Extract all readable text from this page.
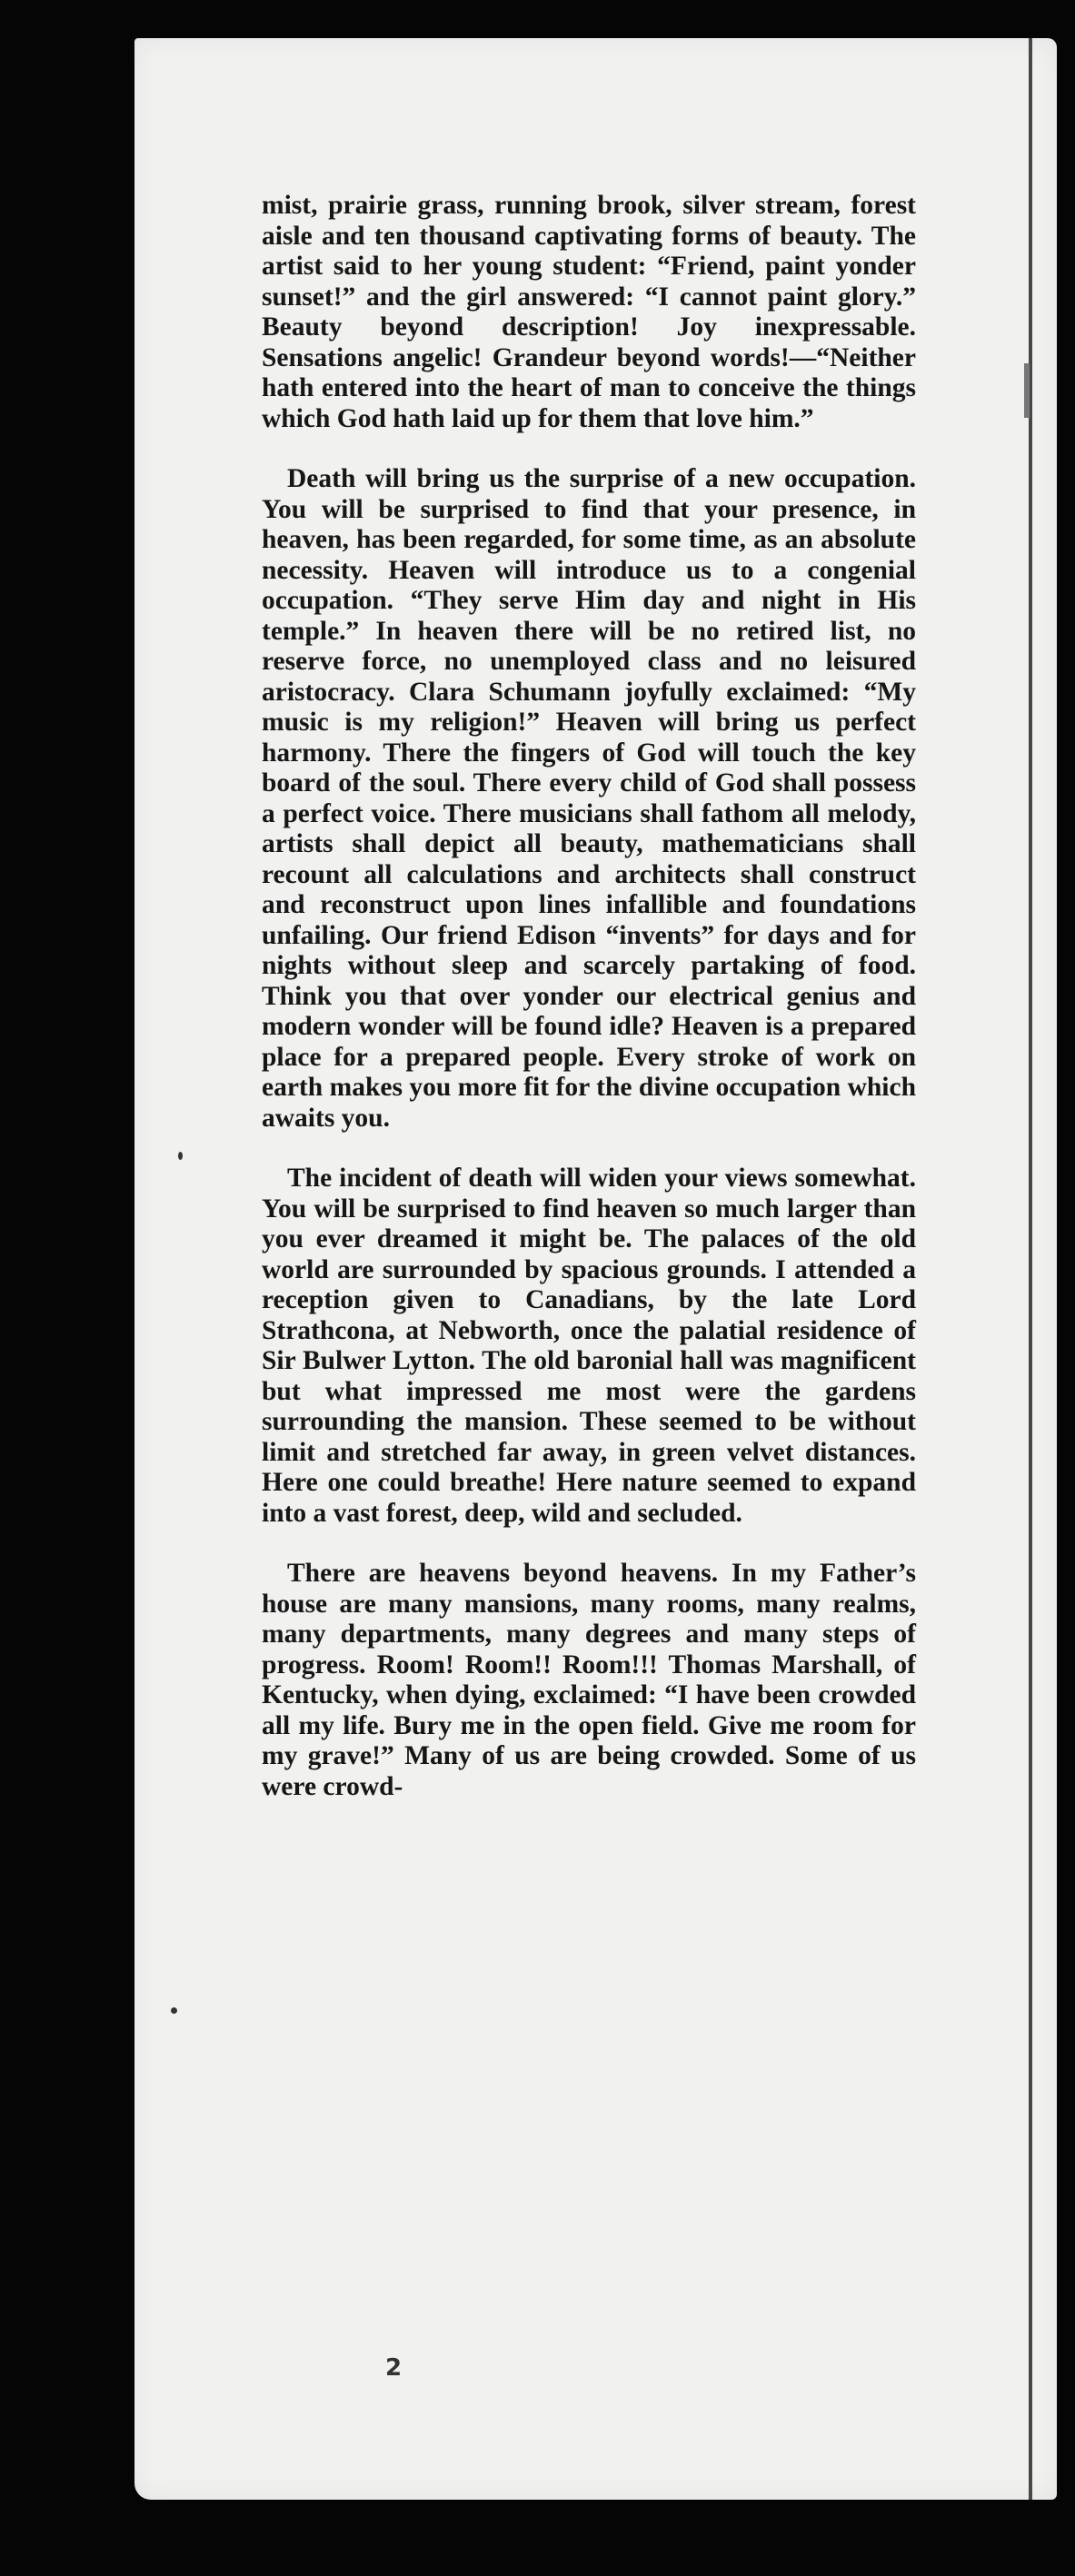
mist, prairie grass, running brook, silver stream, forest aisle and ten thousand captivating forms of beauty. The artist said to her young student: “Friend, paint yonder sunset!” and the girl answered: “I cannot paint glory.” Beauty beyond description! Joy inexpressable. Sensations angelic! Grandeur beyond words!—“Neither hath entered into the heart of man to conceive the things which God hath laid up for them that love him.”

Death will bring us the surprise of a new occupation. You will be surprised to find that your presence, in heaven, has been regarded, for some time, as an absolute necessity. Heaven will introduce us to a congenial occupation. “They serve Him day and night in His temple.” In heaven there will be no retired list, no reserve force, no unemployed class and no leisured aristocracy. Clara Schumann joyfully exclaimed: “My music is my religion!” Heaven will bring us perfect harmony. There the fingers of God will touch the key board of the soul. There every child of God shall possess a perfect voice. There musicians shall fathom all melody, artists shall depict all beauty, mathematicians shall recount all calculations and architects shall construct and reconstruct upon lines infallible and foundations unfailing. Our friend Edison “invents” for days and for nights without sleep and scarcely partaking of food. Think you that over yonder our electrical genius and modern wonder will be found idle? Heaven is a prepared place for a prepared people. Every stroke of work on earth makes you more fit for the divine occupation which awaits you.

The incident of death will widen your views somewhat. You will be surprised to find heaven so much larger than you ever dreamed it might be. The palaces of the old world are surrounded by spacious grounds. I attended a reception given to Canadians, by the late Lord Strathcona, at Nebworth, once the palatial residence of Sir Bulwer Lytton. The old baronial hall was magnificent but what impressed me most were the gardens surrounding the mansion. These seemed to be without limit and stretched far away, in green velvet distances. Here one could breathe! Here nature seemed to expand into a vast forest, deep, wild and secluded.

There are heavens beyond heavens. In my Father’s house are many mansions, many rooms, many realms, many departments, many degrees and many steps of progress. Room! Room!! Room!!! Thomas Marshall, of Kentucky, when dying, exclaimed: “I have been crowded all my life. Bury me in the open field. Give me room for my grave!” Many of us are being crowded. Some of us were crowd-

2
